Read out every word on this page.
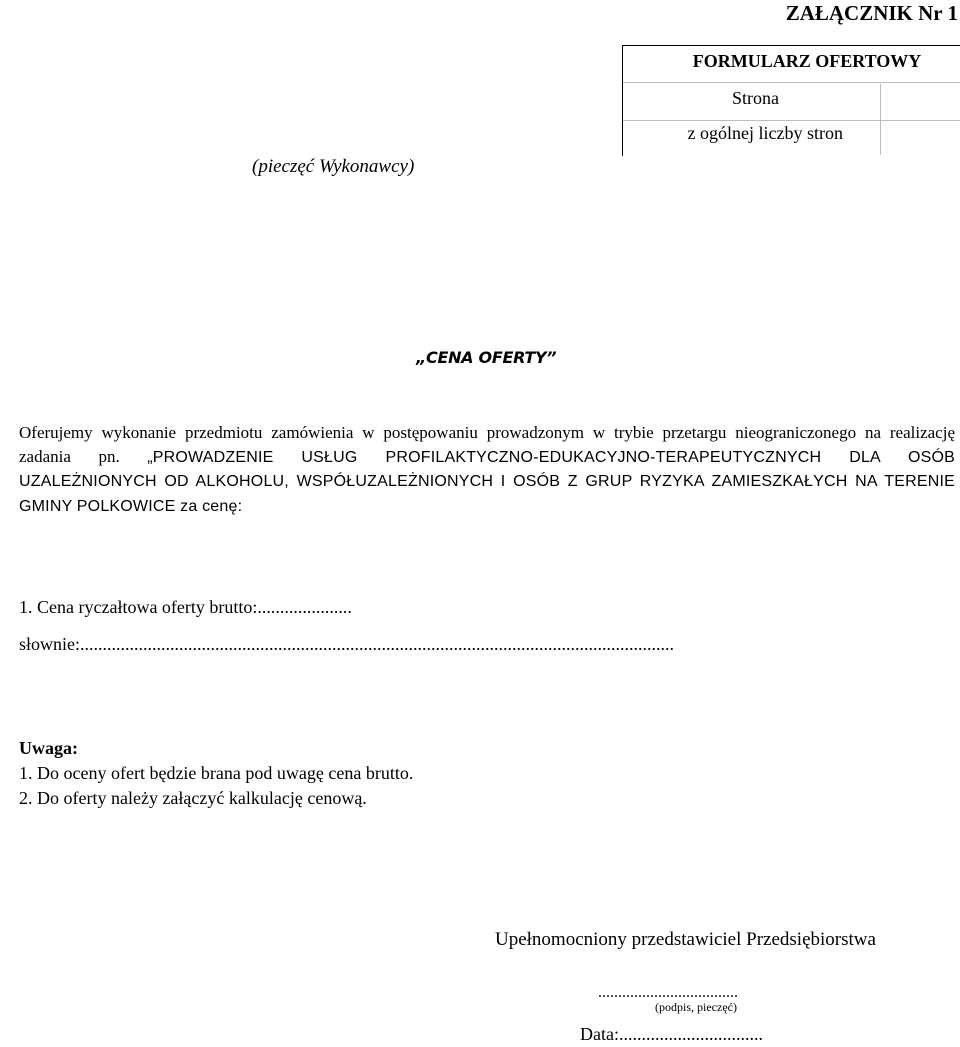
ZAŁĄCZNIK Nr 1
FORMULARZ OFERTOWY
Strona
z ogólnej liczby stron
(pieczęć Wykonawcy)
„CENA OFERTY”
Oferujemy wykonanie przedmiotu zamówienia w postępowaniu prowadzonym w trybie przetargu nieograniczonego na realizację zadania pn. „PROWADZENIE USŁUG PROFILAKTYCZNO-EDUKACYJNO-TERAPEUTYCZNYCH DLA OSÓB UZALEŻNIONYCH OD ALKOHOLU, WSPÓŁUZALEŻNIONYCH I OSÓB Z GRUP RYZYKA ZAMIESZKAŁYCH NA TERENIE GMINY POLKOWICE za cenę:
1. Cena ryczałtowa oferty brutto:.....................
słownie:....................................................................................................................................
Uwaga:
1. Do oceny ofert będzie brana pod uwagę cena brutto.
2. Do oferty należy załączyć kalkulację cenową.
Upełnomocniony przedstawiciel Przedsiębiorstwa
...................................
(podpis, pieczęć)
Data:................................
